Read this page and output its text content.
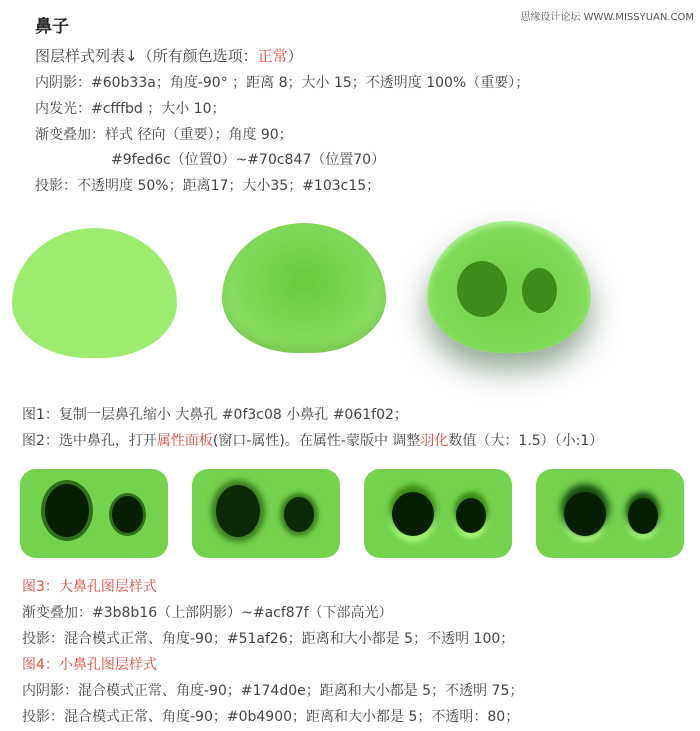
思缘设计论坛 WWW.MISSYUAN.COM
鼻子
图层样式列表↓（所有颜色选项：正常）
内阴影：#60b33a；角度-90° ；距离 8；大小 15；不透明度 100%（重要）；
内发光：#cfffbd ；大小 10；
渐变叠加：样式 径向（重要）；角度 90；
#9fed6c（位置0）~#70c847（位置70）
投影：不透明度 50%；距离17；大小35；#103c15；
图1：复制一层鼻孔缩小 大鼻孔 #0f3c08 小鼻孔 #061f02；
图2：选中鼻孔，打开属性面板(窗口-属性)。在属性-蒙版中 调整羽化数值（大：1.5）（小:1）
图3：大鼻孔图层样式
渐变叠加：#3b8b16（上部阴影）~#acf87f（下部高光）
投影：混合模式正常、角度-90；#51af26；距离和大小都是 5；不透明 100；
图4：小鼻孔图层样式
内阴影：混合模式正常、角度-90；#174d0e；距离和大小都是 5；不透明 75；
投影：混合模式正常、角度-90；#0b4900；距离和大小都是 5；不透明：80；
